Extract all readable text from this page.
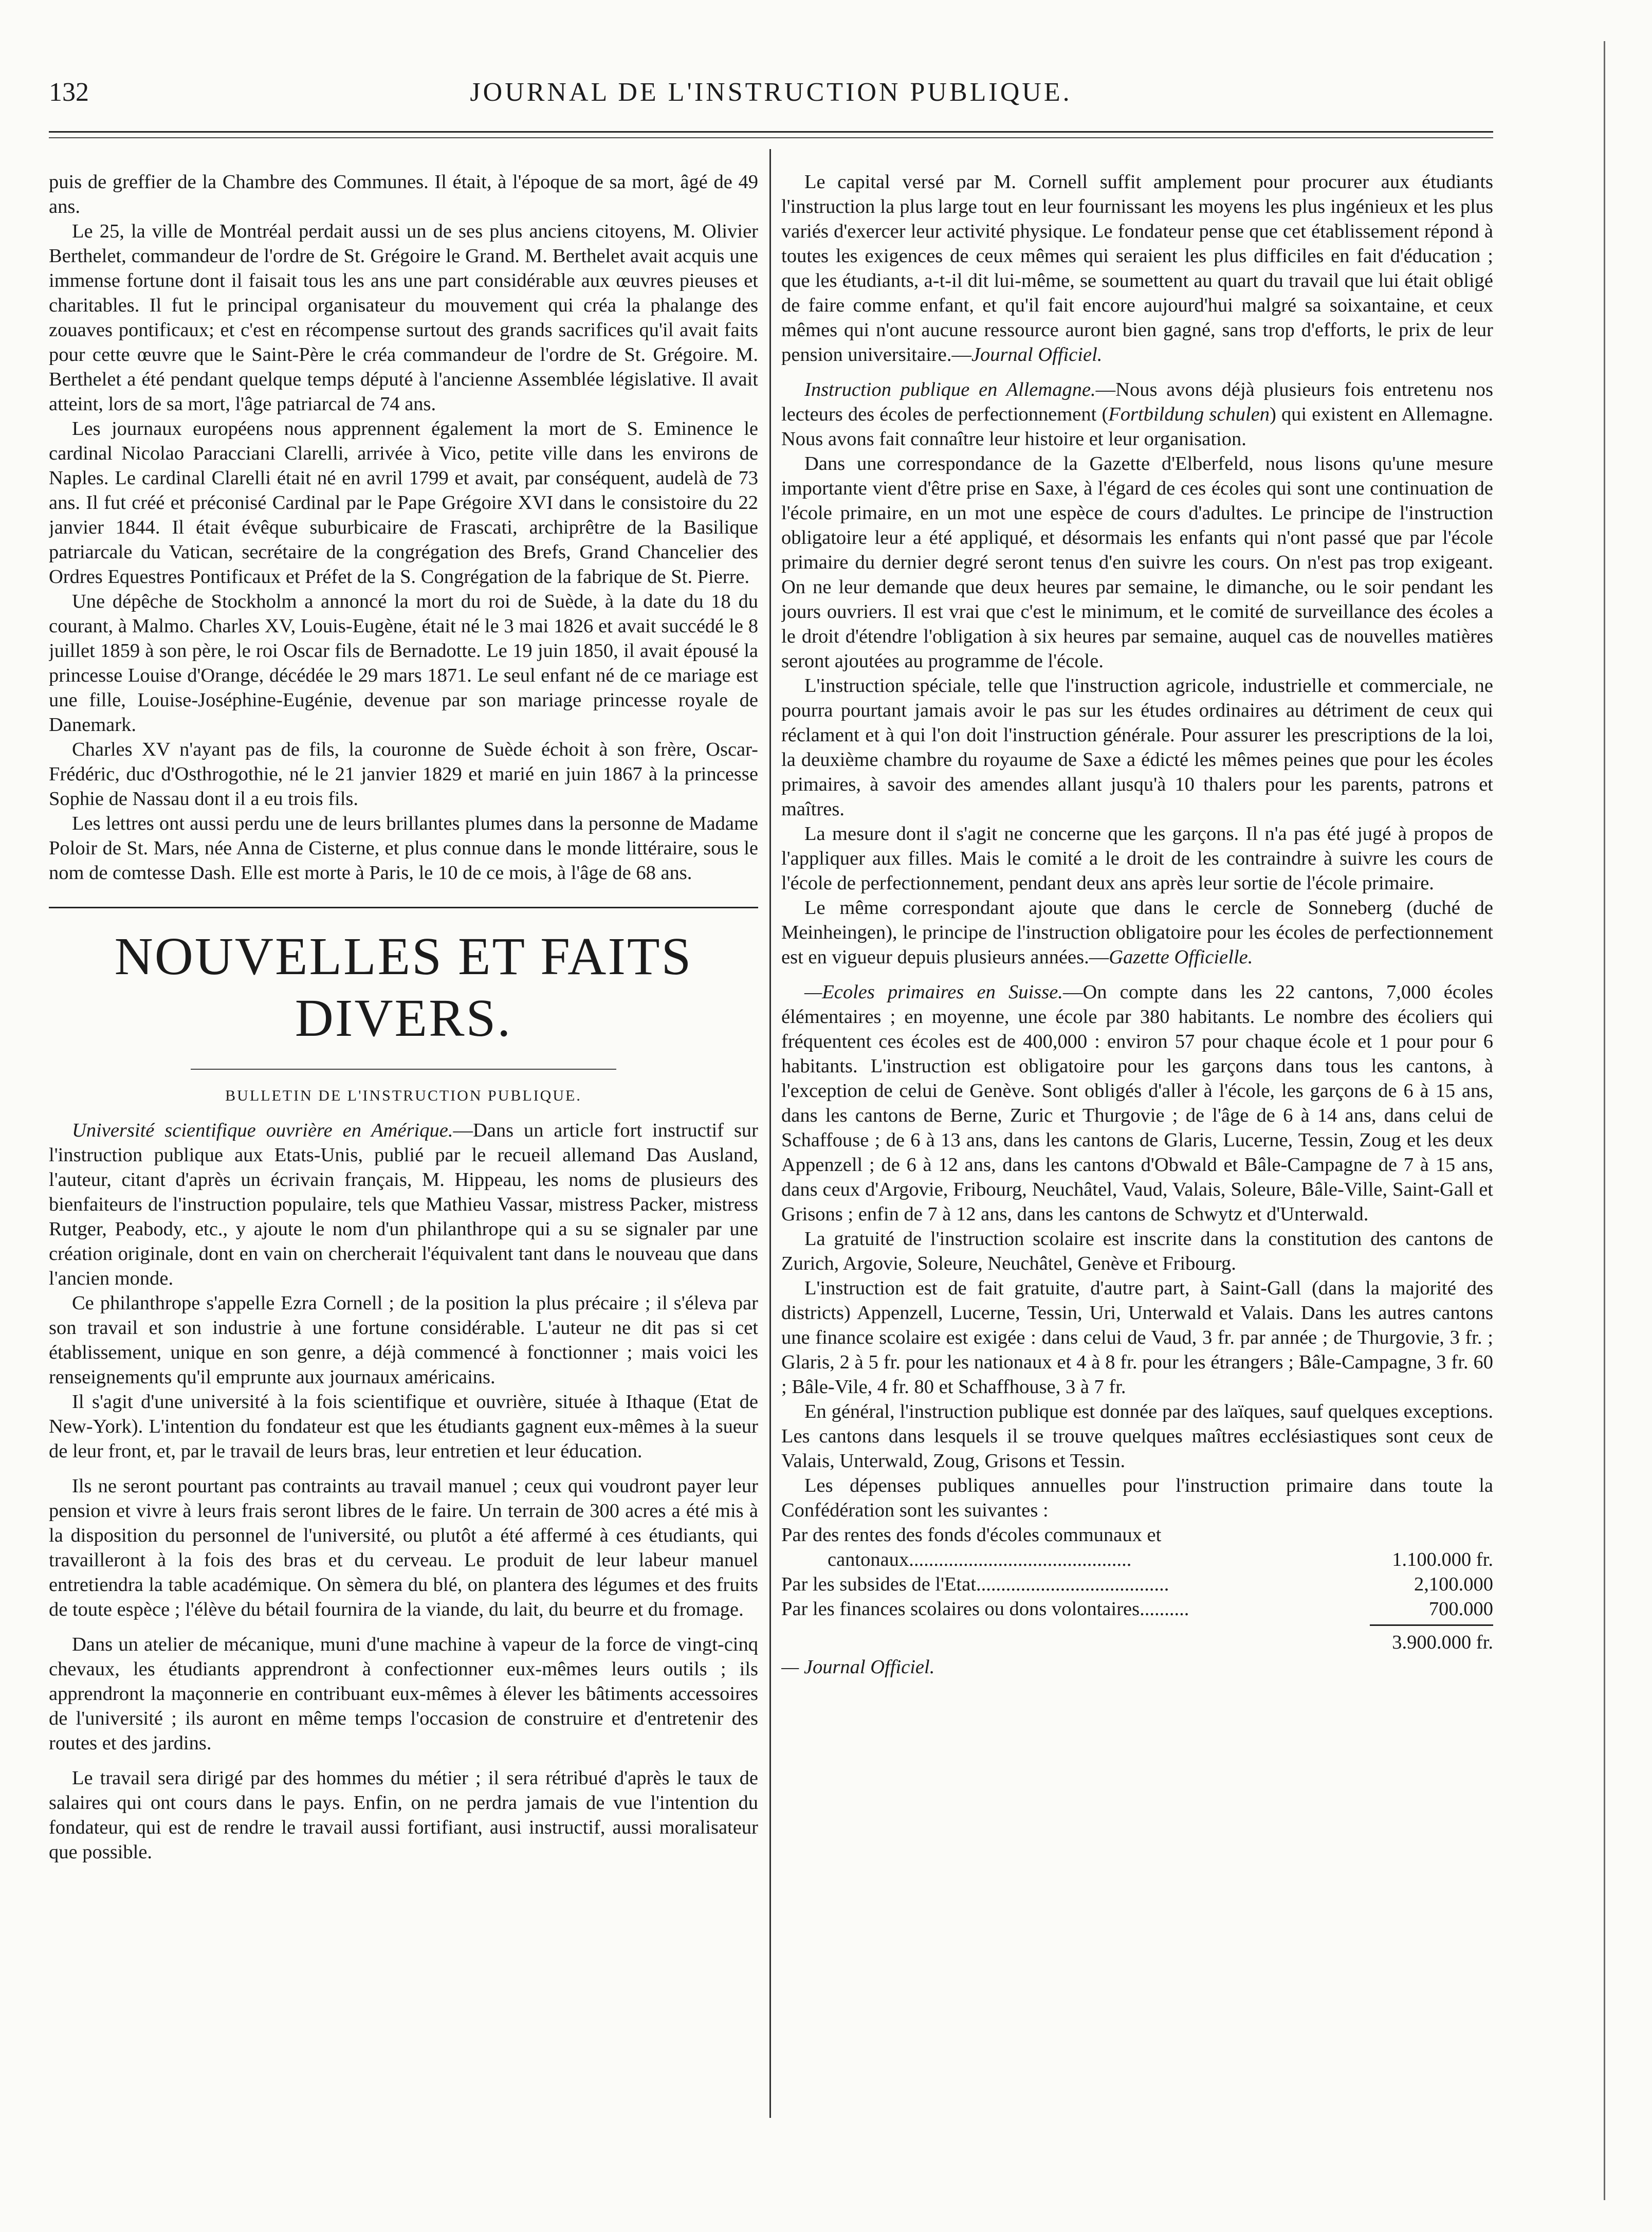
132	JOURNAL DE L'INSTRUCTION PUBLIQUE.

puis de greffier de la Chambre des Communes. Il était, à l'époque de sa mort, âgé de 49 ans.

Le 25, la ville de Montréal perdait aussi un de ses plus anciens citoyens, M. Olivier Berthelet, commandeur de l'ordre de St. Grégoire le Grand. M. Berthelet avait acquis une immense fortune dont il faisait tous les ans une part considérable aux œuvres pieuses et charitables. Il fut le principal organisateur du mouvement qui créa la phalange des zouaves pontificaux; et c'est en récompense surtout des grands sacrifices qu'il avait faits pour cette œuvre que le Saint-Père le créa commandeur de l'ordre de St. Grégoire. M. Berthelet a été pendant quelque temps député à l'ancienne Assemblée législative. Il avait atteint, lors de sa mort, l'âge patriarcal de 74 ans.

Les journaux européens nous apprennent également la mort de S. Eminence le cardinal Nicolao Paracciani Clarelli, arrivée à Vico, petite ville dans les environs de Naples. Le cardinal Clarelli était né en avril 1799 et avait, par conséquent, audelà de 73 ans. Il fut créé et préconisé Cardinal par le Pape Grégoire XVI dans le consistoire du 22 janvier 1844. Il était évêque suburbicaire de Frascati, archiprêtre de la Basilique patriarcale du Vatican, secrétaire de la congrégation des Brefs, Grand Chancelier des Ordres Equestres Pontificaux et Préfet de la S. Congrégation de la fabrique de St. Pierre.

Une dépêche de Stockholm a annoncé la mort du roi de Suède, à la date du 18 du courant, à Malmo. Charles XV, Louis-Eugène, était né le 3 mai 1826 et avait succédé le 8 juillet 1859 à son père, le roi Oscar fils de Bernadotte. Le 19 juin 1850, il avait épousé la princesse Louise d'Orange, décédée le 29 mars 1871. Le seul enfant né de ce mariage est une fille, Louise-Joséphine-Eugénie, devenue par son mariage princesse royale de Danemark.

Charles XV n'ayant pas de fils, la couronne de Suède échoit à son frère, Oscar-Frédéric, duc d'Osthrogothie, né le 21 janvier 1829 et marié en juin 1867 à la princesse Sophie de Nassau dont il a eu trois fils.

Les lettres ont aussi perdu une de leurs brillantes plumes dans la personne de Madame Poloir de St. Mars, née Anna de Cisterne, et plus connue dans le monde littéraire, sous le nom de comtesse Dash. Elle est morte à Paris, le 10 de ce mois, à l'âge de 68 ans.

NOUVELLES ET FAITS DIVERS.
BULLETIN DE L'INSTRUCTION PUBLIQUE.

Université scientifique ouvrière en Amérique.—Dans un article fort instructif sur l'instruction publique aux Etats-Unis, publié par le recueil allemand Das Ausland, l'auteur, citant d'après un écrivain français, M. Hippeau, les noms de plusieurs des bienfaiteurs de l'instruction populaire, tels que Mathieu Vassar, mistress Packer, mistress Rutger, Peabody, etc., y ajoute le nom d'un philanthrope qui a su se signaler par une création originale, dont en vain on chercherait l'équivalent tant dans le nouveau que dans l'ancien monde.

Ce philanthrope s'appelle Ezra Cornell ; de la position la plus précaire ; il s'éleva par son travail et son industrie à une fortune considérable. L'auteur ne dit pas si cet établissement, unique en son genre, a déjà commencé à fonctionner ; mais voici les renseignements qu'il emprunte aux journaux américains.

Il s'agit d'une université à la fois scientifique et ouvrière, située à Ithaque (Etat de New-York). L'intention du fondateur est que les étudiants gagnent eux-mêmes à la sueur de leur front, et, par le travail de leurs bras, leur entretien et leur éducation.

Ils ne seront pourtant pas contraints au travail manuel ; ceux qui voudront payer leur pension et vivre à leurs frais seront libres de le faire. Un terrain de 300 acres a été mis à la disposition du personnel de l'université, ou plutôt a été affermé à ces étudiants, qui travailleront à la fois des bras et du cerveau. Le produit de leur labeur manuel entretiendra la table académique. On sèmera du blé, on plantera des légumes et des fruits de toute espèce ; l'élève du bétail fournira de la viande, du lait, du beurre et du fromage.

Dans un atelier de mécanique, muni d'une machine à vapeur de la force de vingt-cinq chevaux, les étudiants apprendront à confectionner eux-mêmes leurs outils ; ils apprendront la maçonnerie en contribuant eux-mêmes à élever les bâtiments accessoires de l'université ; ils auront en même temps l'occasion de construire et d'entretenir des routes et des jardins.

Le travail sera dirigé par des hommes du métier ; il sera rétribué d'après le taux de salaires qui ont cours dans le pays. Enfin, on ne perdra jamais de vue l'intention du fondateur, qui est de rendre le travail aussi fortifiant, ausi instructif, aussi moralisateur que possible.

Le capital versé par M. Cornell suffit amplement pour procurer aux étudiants l'instruction la plus large tout en leur fournissant les moyens les plus ingénieux et les plus variés d'exercer leur activité physique. Le fondateur pense que cet établissement répond à toutes les exigences de ceux mêmes qui seraient les plus difficiles en fait d'éducation ; que les étudiants, a-t-il dit lui-même, se soumettent au quart du travail que lui était obligé de faire comme enfant, et qu'il fait encore aujourd'hui malgré sa soixantaine, et ceux mêmes qui n'ont aucune ressource auront bien gagné, sans trop d'efforts, le prix de leur pension universitaire.—Journal Officiel.

Instruction publique en Allemagne.—Nous avons déjà plusieurs fois entretenu nos lecteurs des écoles de perfectionnement (Fortbildung schulen) qui existent en Allemagne. Nous avons fait connaître leur histoire et leur organisation.

Dans une correspondance de la Gazette d'Elberfeld, nous lisons qu'une mesure importante vient d'être prise en Saxe, à l'égard de ces écoles qui sont une continuation de l'école primaire, en un mot une espèce de cours d'adultes. Le principe de l'instruction obligatoire leur a été appliqué, et désormais les enfants qui n'ont passé que par l'école primaire du dernier degré seront tenus d'en suivre les cours. On n'est pas trop exigeant. On ne leur demande que deux heures par semaine, le dimanche, ou le soir pendant les jours ouvriers. Il est vrai que c'est le minimum, et le comité de surveillance des écoles a le droit d'étendre l'obligation à six heures par semaine, auquel cas de nouvelles matières seront ajoutées au programme de l'école.

L'instruction spéciale, telle que l'instruction agricole, industrielle et commerciale, ne pourra pourtant jamais avoir le pas sur les études ordinaires au détriment de ceux qui réclament et à qui l'on doit l'instruction générale. Pour assurer les prescriptions de la loi, la deuxième chambre du royaume de Saxe a édicté les mêmes peines que pour les écoles primaires, à savoir des amendes allant jusqu'à 10 thalers pour les parents, patrons et maîtres.

La mesure dont il s'agit ne concerne que les garçons. Il n'a pas été jugé à propos de l'appliquer aux filles. Mais le comité a le droit de les contraindre à suivre les cours de l'école de perfectionnement, pendant deux ans après leur sortie de l'école primaire.

Le même correspondant ajoute que dans le cercle de Sonneberg (duché de Meinheingen), le principe de l'instruction obligatoire pour les écoles de perfectionnement est en vigueur depuis plusieurs années.—Gazette Officielle.

—Ecoles primaires en Suisse.—On compte dans les 22 cantons, 7,000 écoles élémentaires ; en moyenne, une école par 380 habitants. Le nombre des écoliers qui fréquentent ces écoles est de 400,000 : environ 57 pour chaque école et 1 pour pour 6 habitants. L'instruction est obligatoire pour les garçons dans tous les cantons, à l'exception de celui de Genève. Sont obligés d'aller à l'école, les garçons de 6 à 15 ans, dans les cantons de Berne, Zuric et Thurgovie ; de l'âge de 6 à 14 ans, dans celui de Schaffouse ; de 6 à 13 ans, dans les cantons de Glaris, Lucerne, Tessin, Zoug et les deux Appenzell ; de 6 à 12 ans, dans les cantons d'Obwald et Bâle-Campagne de 7 à 15 ans, dans ceux d'Argovie, Fribourg, Neuchâtel, Vaud, Valais, Soleure, Bâle-Ville, Saint-Gall et Grisons ; enfin de 7 à 12 ans, dans les cantons de Schwytz et d'Unterwald.

La gratuité de l'instruction scolaire est inscrite dans la constitution des cantons de Zurich, Argovie, Soleure, Neuchâtel, Genève et Fribourg.

L'instruction est de fait gratuite, d'autre part, à Saint-Gall (dans la majorité des districts) Appenzell, Lucerne, Tessin, Uri, Unterwald et Valais. Dans les autres cantons une finance scolaire est exigée : dans celui de Vaud, 3 fr. par année ; de Thurgovie, 3 fr. ; Glaris, 2 à 5 fr. pour les nationaux et 4 à 8 fr. pour les étrangers ; Bâle-Campagne, 3 fr. 60 ; Bâle-Vile, 4 fr. 80 et Schaffhouse, 3 à 7 fr.

En général, l'instruction publique est donnée par des laïques, sauf quelques exceptions. Les cantons dans lesquels il se trouve quelques maîtres ecclésiastiques sont ceux de Valais, Unterwald, Zoug, Grisons et Tessin.

Les dépenses publiques annuelles pour l'instruction primaire dans toute la Confédération sont les suivantes :

Par des rentes des fonds d'écoles communaux et
cantonaux.............................................	1.100.000 fr.
Par les subsides de l'Etat.......................................	2,100.000
Par les finances scolaires ou dons volontaires..........	700.000
3.900.000 fr.

— Journal Officiel.
